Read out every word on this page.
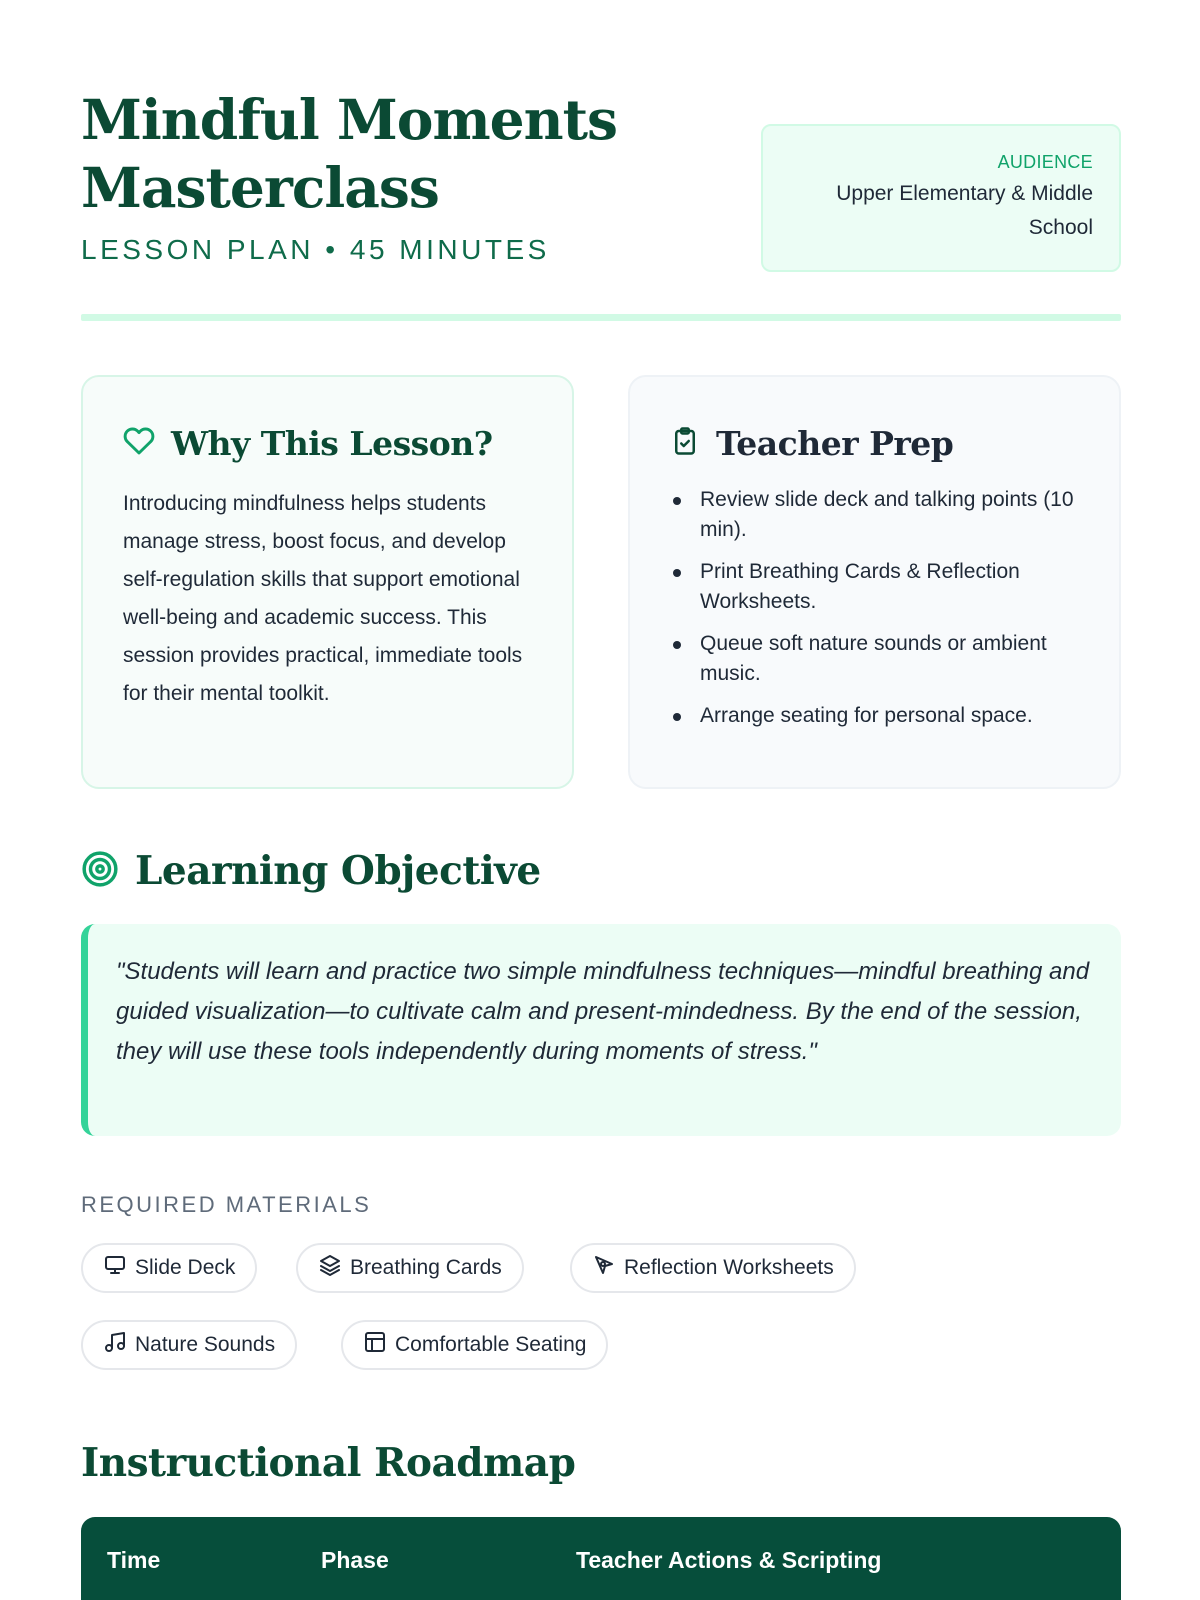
Mindful Moments Masterclass
LESSON PLAN • 45 MINUTES
AUDIENCE
Upper Elementary & Middle School
Why This Lesson?

Introducing mindfulness helps students manage stress, boost focus, and develop self-regulation skills that support emotional well-being and academic success. This session provides practical, immediate tools for their mental toolkit.

Teacher Prep
Review slide deck and talking points (10 min).
Print Breathing Cards & Reflection Worksheets.
Queue soft nature sounds or ambient music.
Arrange seating for personal space.
Learning Objective
"Students will learn and practice two simple mindfulness techniques—mindful breathing and guided visualization—to cultivate calm and present-mindedness. By the end of the session, they will use these tools independently during moments of stress."
REQUIRED MATERIALS
Slide Deck	Breathing Cards	Reflection Worksheets
Nature Sounds	Comfortable Seating
Instructional Roadmap
Time	Phase	Teacher Actions & Scripting
